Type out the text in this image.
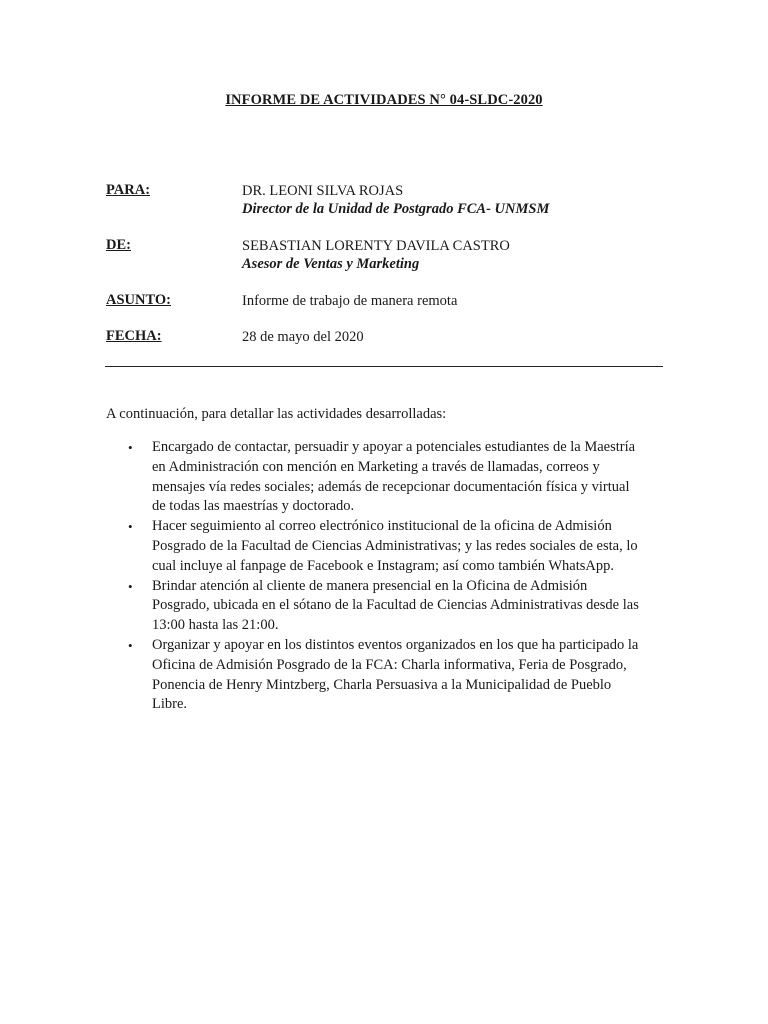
INFORME DE ACTIVIDADES N° 04-SLDC-2020
PARA:	DR. LEONI SILVA ROJAS
Director de la Unidad de Postgrado FCA- UNMSM
DE:	SEBASTIAN LORENTY DAVILA CASTRO
Asesor de Ventas y Marketing
ASUNTO:	Informe de trabajo de manera remota
FECHA:	28 de mayo del 2020
A continuación, para detallar las actividades desarrolladas:
• Encargado de contactar, persuadir y apoyar a potenciales estudiantes de la Maestría en Administración con mención en Marketing a través de llamadas, correos y mensajes vía redes sociales; además de recepcionar documentación física y virtual de todas las maestrías y doctorado.
• Hacer seguimiento al correo electrónico institucional de la oficina de Admisión Posgrado de la Facultad de Ciencias Administrativas; y las redes sociales de esta, lo cual incluye al fanpage de Facebook e Instagram; así como también WhatsApp.
• Brindar atención al cliente de manera presencial en la Oficina de Admisión Posgrado, ubicada en el sótano de la Facultad de Ciencias Administrativas desde las 13:00 hasta las 21:00.
• Organizar y apoyar en los distintos eventos organizados en los que ha participado la Oficina de Admisión Posgrado de la FCA: Charla informativa, Feria de Posgrado, Ponencia de Henry Mintzberg, Charla Persuasiva a la Municipalidad de Pueblo Libre.
